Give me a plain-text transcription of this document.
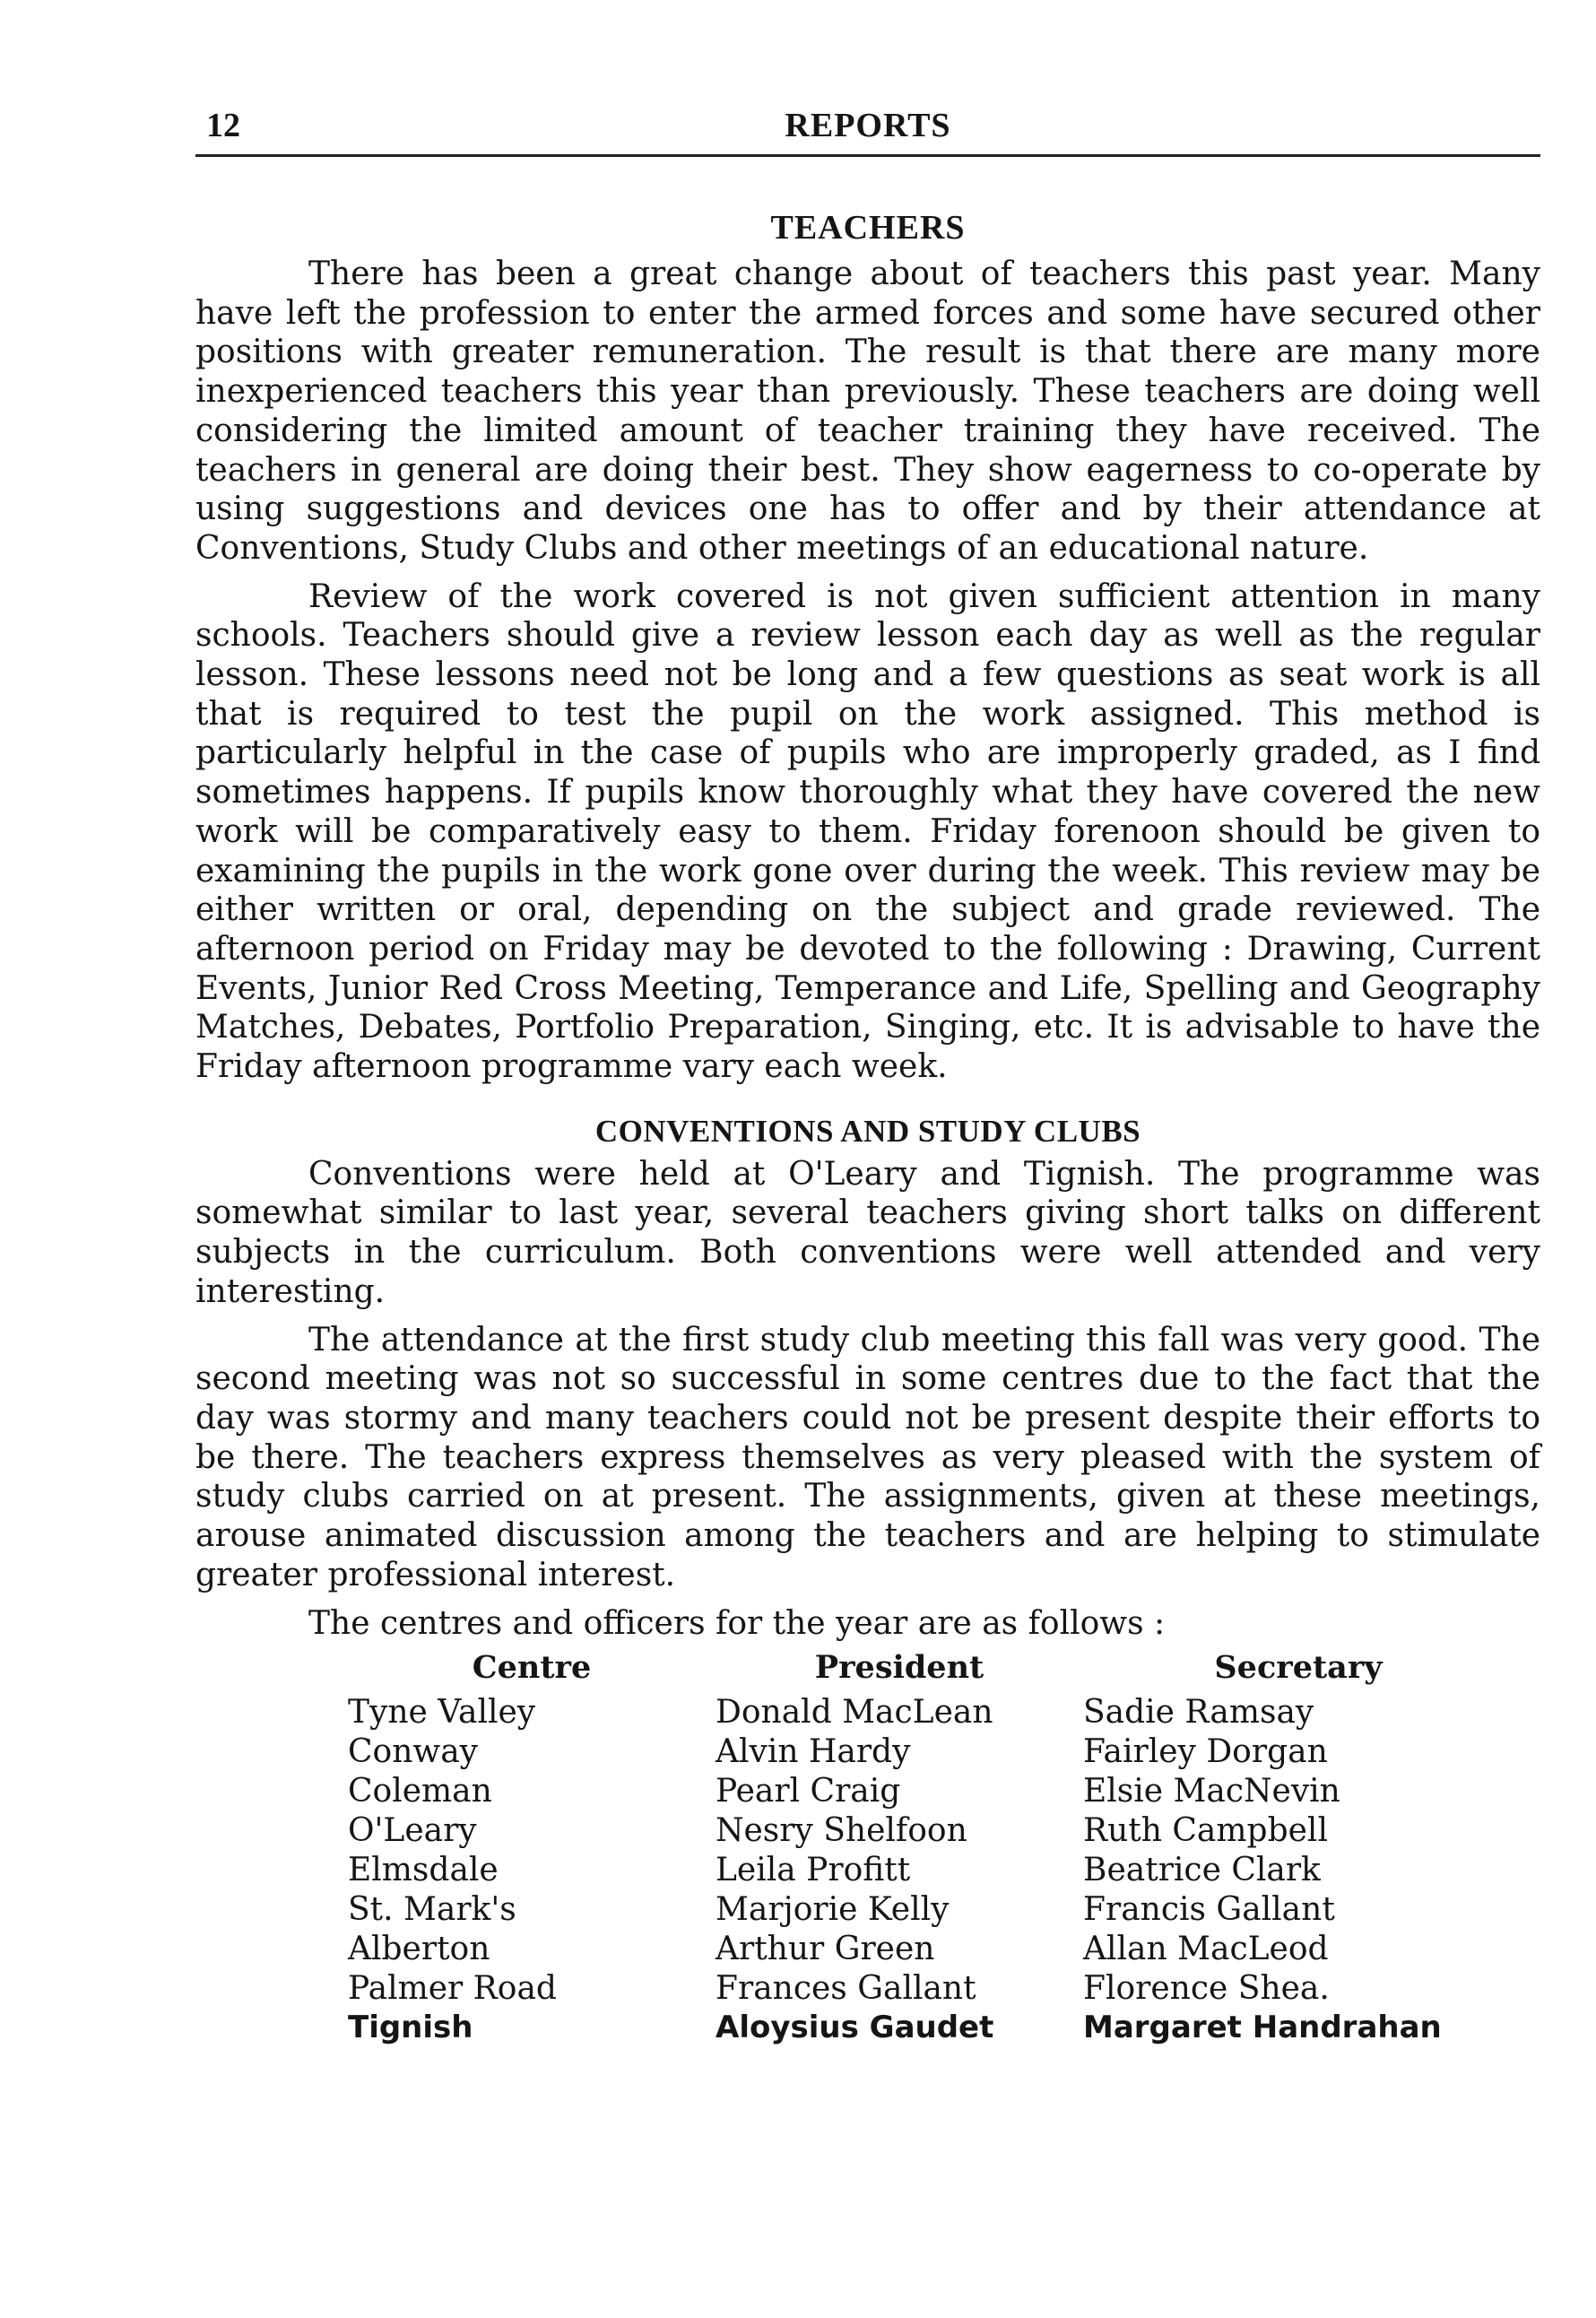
12	REPORTS
TEACHERS

There has been a great change about of teachers this past year. Many have left the profession to enter the armed forces and some have secured other positions with greater remuneration. The result is that there are many more inexperienced teachers this year than previously. These teachers are doing well considering the limited amount of teacher training they have received. The teachers in general are doing their best. They show eagerness to co-operate by using suggestions and devices one has to offer and by their attendance at Conventions, Study Clubs and other meetings of an educational nature.

Review of the work covered is not given sufficient attention in many schools. Teachers should give a review lesson each day as well as the regular lesson. These lessons need not be long and a few questions as seat work is all that is required to test the pupil on the work assigned. This method is particularly helpful in the case of pupils who are improperly graded, as I find sometimes happens. If pupils know thoroughly what they have covered the new work will be comparatively easy to them. Friday forenoon should be given to examining the pupils in the work gone over during the week. This review may be either written or oral, depending on the subject and grade reviewed. The afternoon period on Friday may be devoted to the following : Drawing, Current Events, Junior Red Cross Meeting, Temperance and Life, Spelling and Geography Matches, Debates, Portfolio Preparation, Singing, etc. It is advisable to have the Friday afternoon programme vary each week.

CONVENTIONS AND STUDY CLUBS

Conventions were held at O'Leary and Tignish. The programme was somewhat similar to last year, several teachers giving short talks on different subjects in the curriculum. Both conventions were well attended and very interesting.

The attendance at the first study club meeting this fall was very good. The second meeting was not so successful in some centres due to the fact that the day was stormy and many teachers could not be present despite their efforts to be there. The teachers express themselves as very pleased with the system of study clubs carried on at present. The assignments, given at these meetings, arouse animated discussion among the teachers and are helping to stimulate greater professional interest.

The centres and officers for the year are as follows :

Centre	President	Secretary
Tyne Valley	Donald MacLean	Sadie Ramsay
Conway	Alvin Hardy	Fairley Dorgan
Coleman	Pearl Craig	Elsie MacNevin
O'Leary	Nesry Shelfoon	Ruth Campbell
Elmsdale	Leila Profitt	Beatrice Clark
St. Mark's	Marjorie Kelly	Francis Gallant
Alberton	Arthur Green	Allan MacLeod
Palmer Road	Frances Gallant	Florence Shea.
Tignish	Aloysius Gaudet	Margaret Handrahan
